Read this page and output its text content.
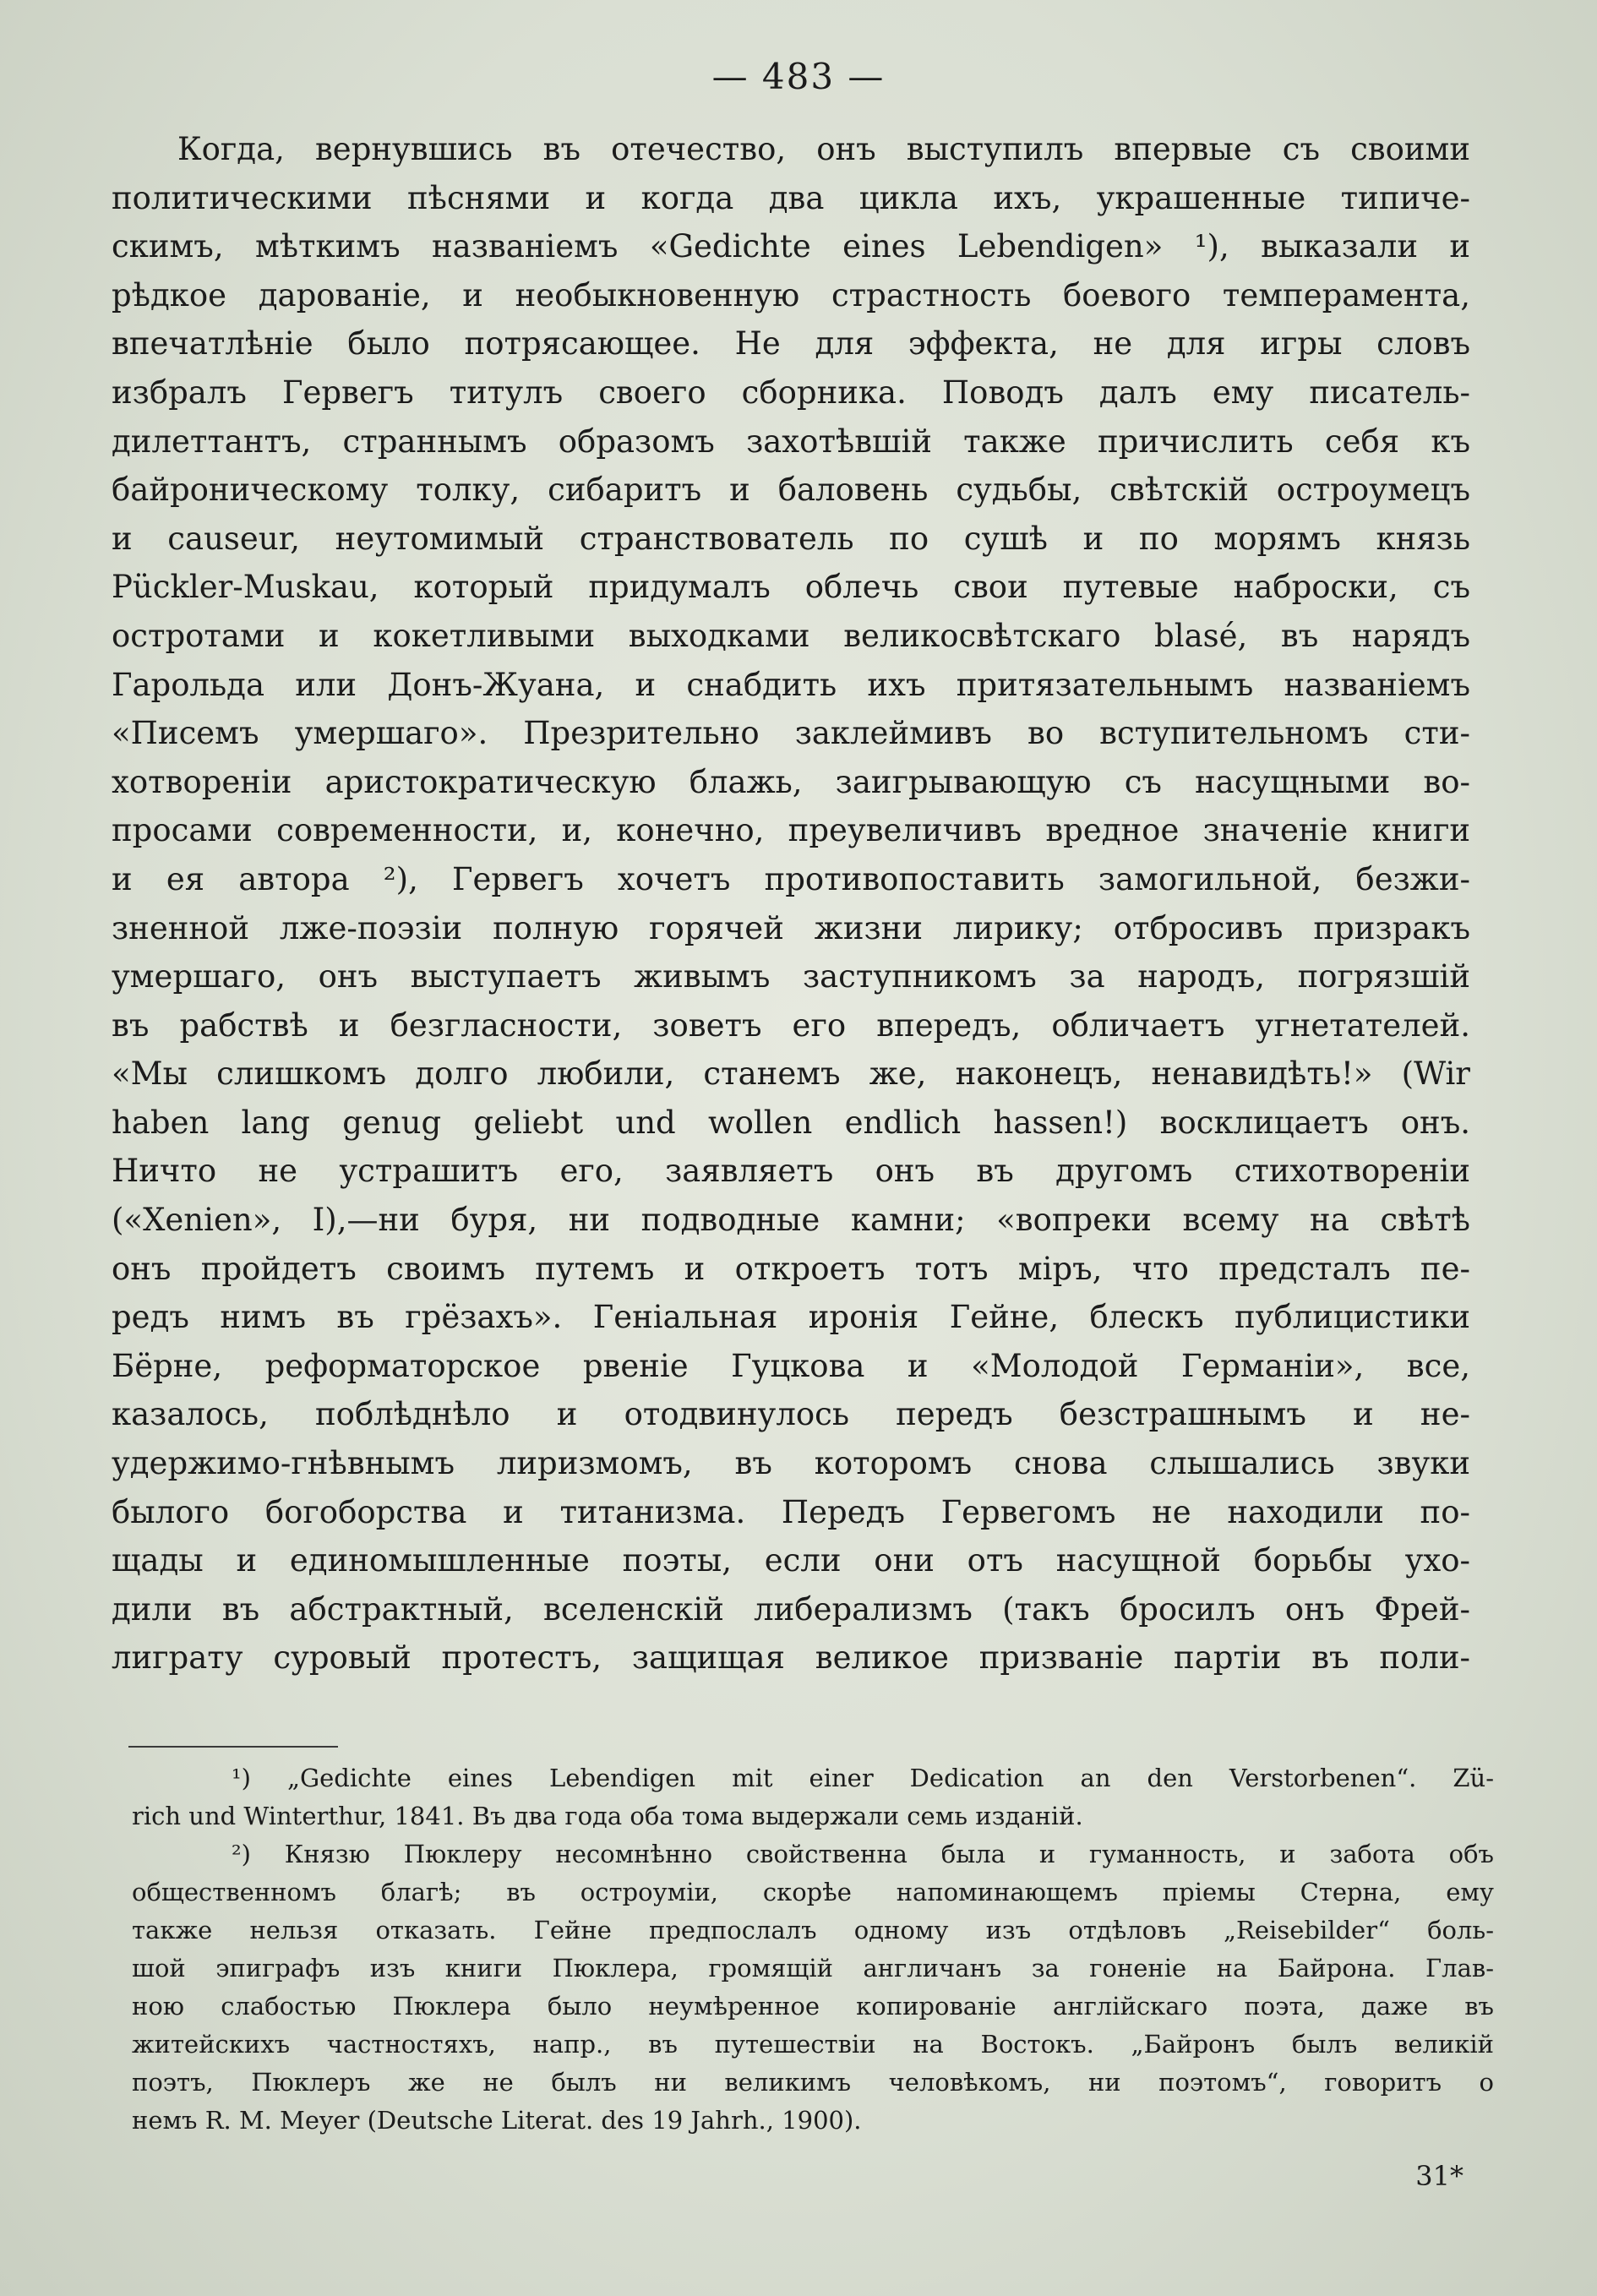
— 483 —
Когда, вернувшись въ отечество, онъ выступилъ впервые съ своими
политическими пѣснями и когда два цикла ихъ, украшенные типиче-
скимъ, мѣткимъ названіемъ «Gedichte eines Lebendigen» ¹), выказали и
рѣдкое дарованіе, и необыкновенную страстность боевого темперамента,
впечатлѣніе было потрясающее. Не для эффекта, не для игры словъ
избралъ Гервегъ титулъ своего сборника. Поводъ далъ ему писатель-
дилеттантъ, страннымъ образомъ захотѣвшій также причислить себя къ
байроническому толку, сибаритъ и баловень судьбы, свѣтскій остроумецъ
и causeur, неутомимый странствователь по сушѣ и по морямъ князь
Pückler-Muskau, который придумалъ облечь свои путевые наброски, съ
остротами и кокетливыми выходками великосвѣтскаго blasé, въ нарядъ
Гарольда или Донъ-Жуана, и снабдить ихъ притязательнымъ названіемъ
«Писемъ умершаго». Презрительно заклеймивъ во вступительномъ сти-
хотвореніи аристократическую блажь, заигрывающую съ насущными во-
просами современности, и, конечно, преувеличивъ вредное значеніе книги
и ея автора ²), Гервегъ хочетъ противопоставить замогильной, безжи-
зненной лже-поэзіи полную горячей жизни лирику; отбросивъ призракъ
умершаго, онъ выступаетъ живымъ заступникомъ за народъ, погрязшій
въ рабствѣ и безгласности, зоветъ его впередъ, обличаетъ угнетателей.
«Мы слишкомъ долго любили, станемъ же, наконецъ, ненавидѣть!» (Wir
haben lang genug geliebt und wollen endlich hassen!) восклицаетъ онъ.
Ничто не устрашитъ его, заявляетъ онъ въ другомъ стихотвореніи
(«Xenien», I),—ни буря, ни подводные камни; «вопреки всему на свѣтѣ
онъ пройдетъ своимъ путемъ и откроетъ тотъ міръ, что предсталъ пе-
редъ нимъ въ грёзахъ». Геніальная иронія Гейне, блескъ публицистики
Бёрне, реформаторское рвеніе Гуцкова и «Молодой Германіи», все,
казалось, поблѣднѣло и отодвинулось передъ безстрашнымъ и не-
удержимо-гнѣвнымъ лиризмомъ, въ которомъ снова слышались звуки
былого богоборства и титанизма. Передъ Гервегомъ не находили по-
щады и единомышленные поэты, если они отъ насущной борьбы ухо-
дили въ абстрактный, вселенскій либерализмъ (такъ бросилъ онъ Фрей-
лиграту суровый протестъ, защищая великое призваніе партіи въ поли-
¹) „Gedichte eines Lebendigen mit einer Dedication an den Verstorbenen“. Zü-
rich und Winterthur, 1841. Въ два года оба тома выдержали семь изданій.
²) Князю Пюклеру несомнѣнно свойственна была и гуманность, и забота объ
общественномъ благѣ; въ остроуміи, скорѣе напоминающемъ пріемы Стерна, ему
также нельзя отказать. Гейне предпослалъ одному изъ отдѣловъ „Reisebilder“ боль-
шой эпиграфъ изъ книги Пюклера, громящій англичанъ за гоненіе на Байрона. Глав-
ною слабостью Пюклера было неумѣренное копированіе англійскаго поэта, даже въ
житейскихъ частностяхъ, напр., въ путешествіи на Востокъ. „Байронъ былъ великій
поэтъ, Пюклеръ же не былъ ни великимъ человѣкомъ, ни поэтомъ“, говоритъ о
немъ R. M. Meyer (Deutsche Literat. des 19 Jahrh., 1900).
31*
